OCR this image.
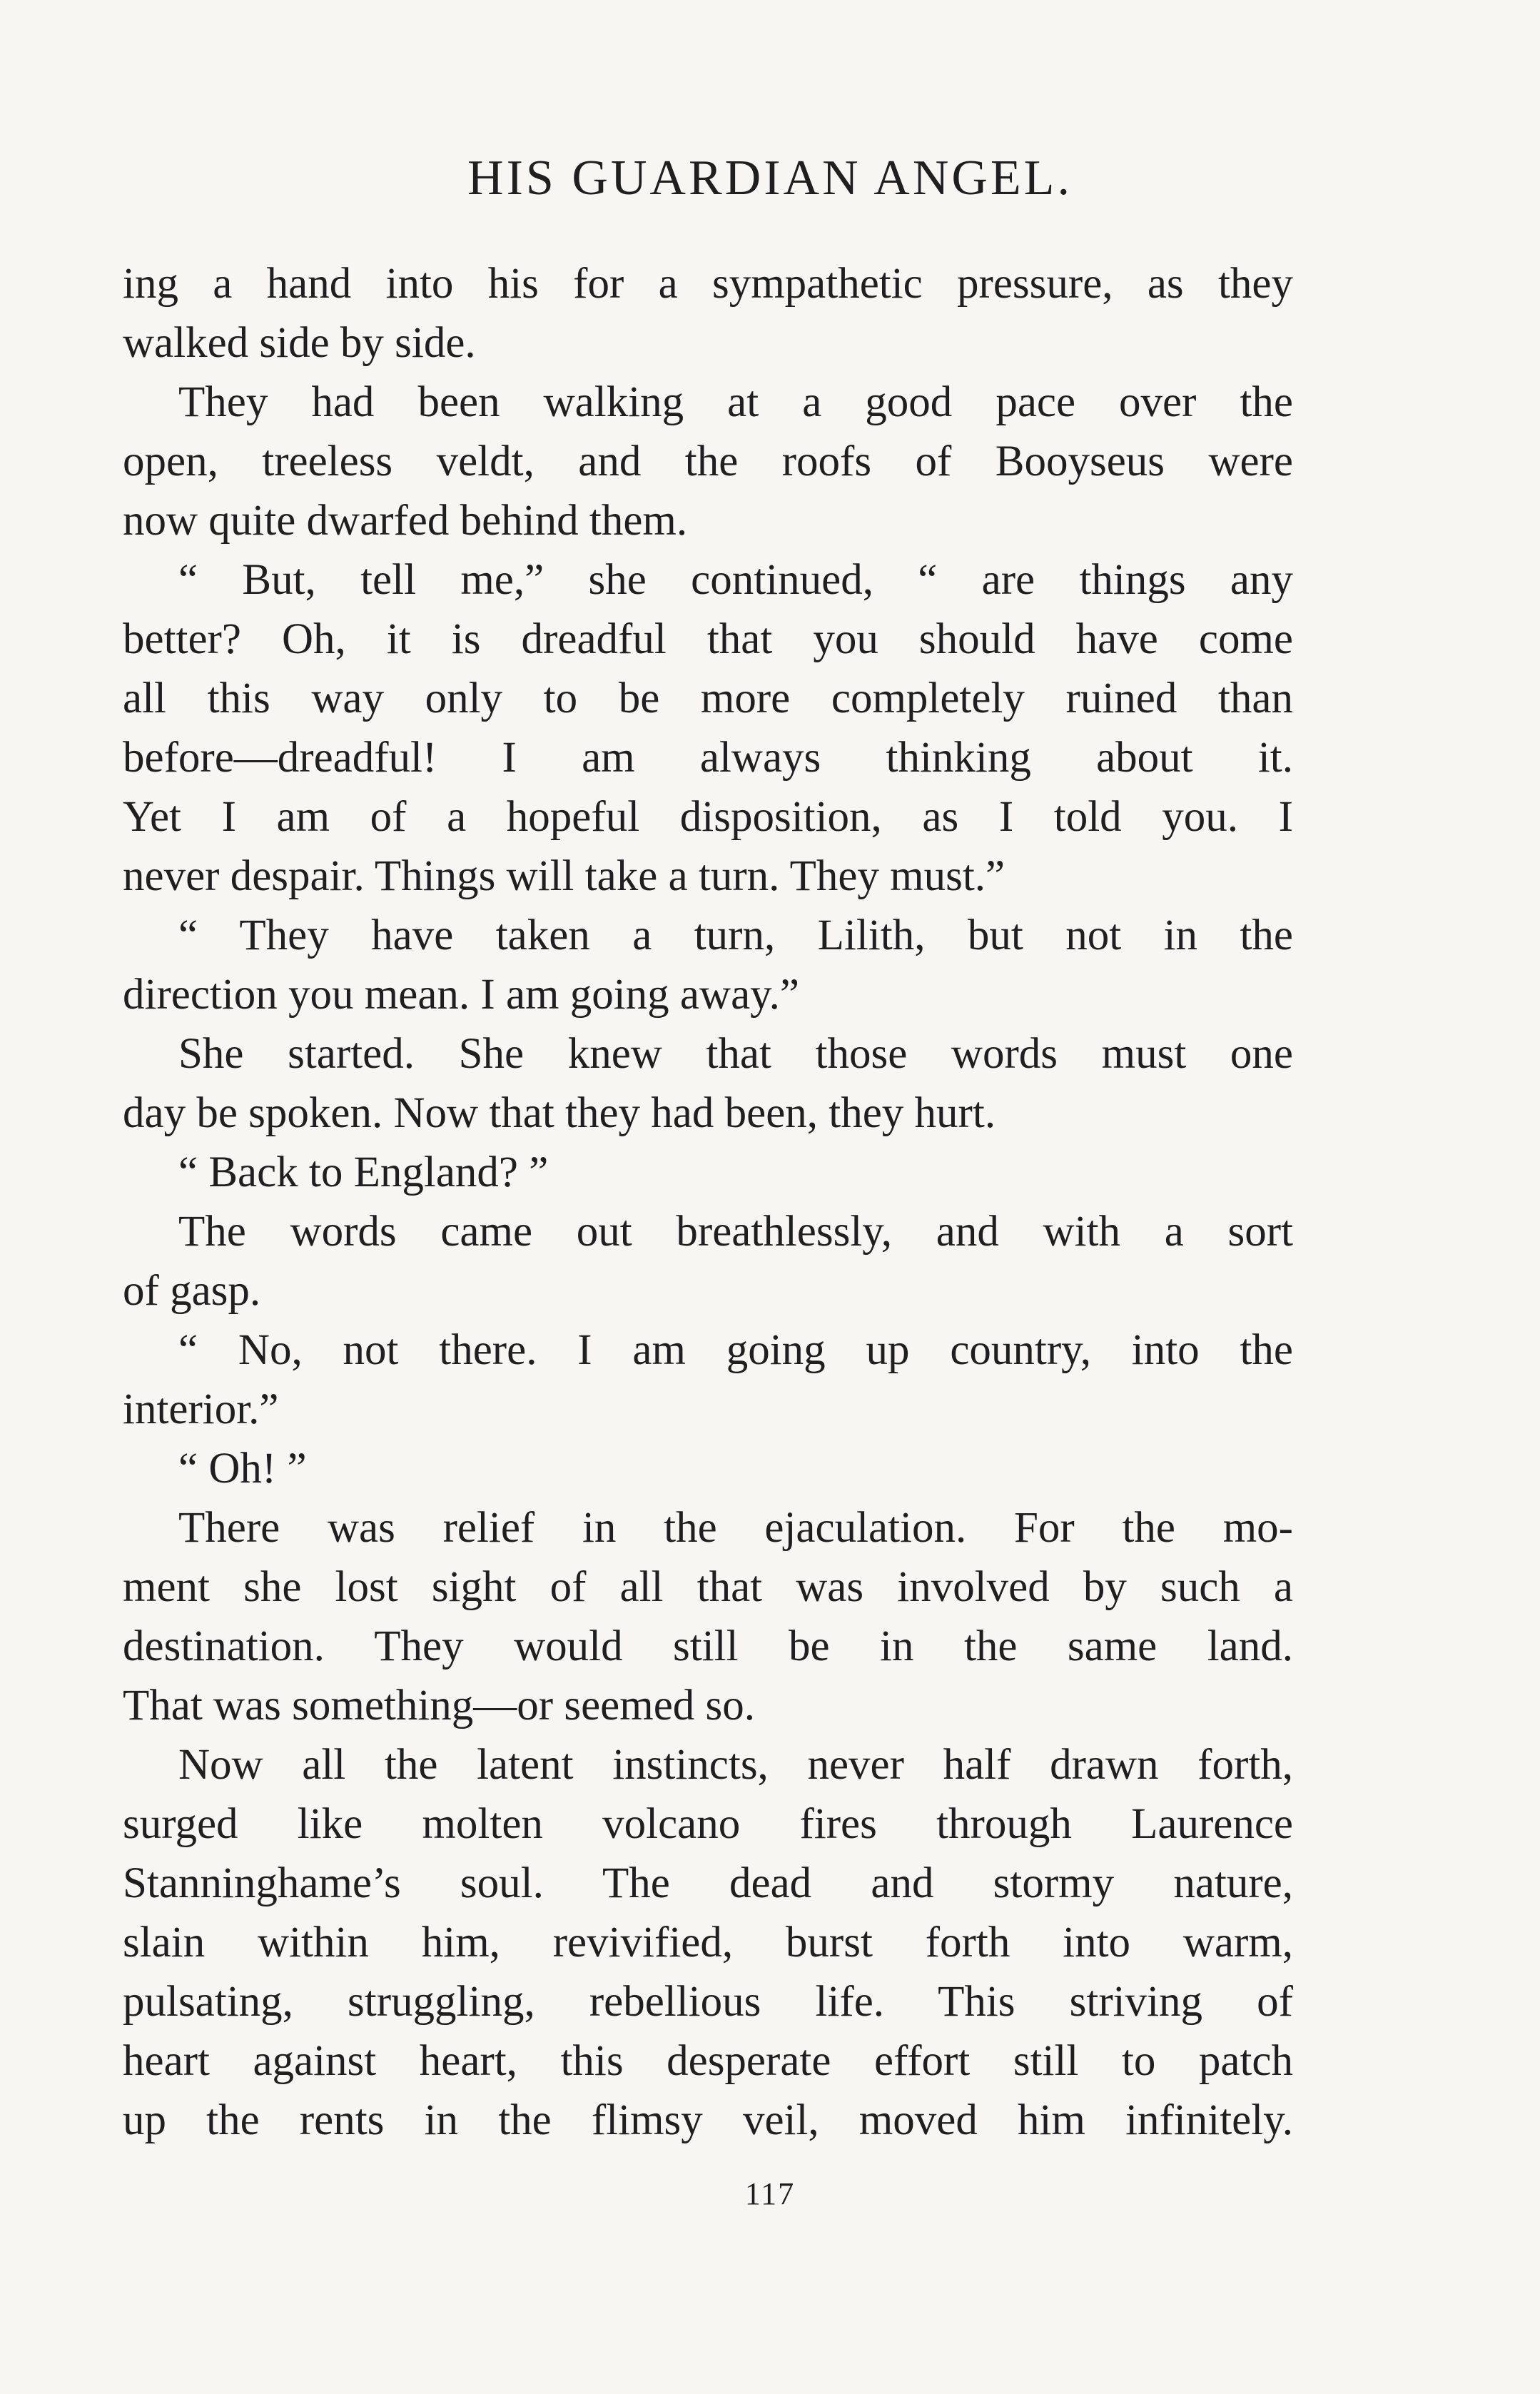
HIS GUARDIAN ANGEL.
ing a hand into his for a sympathetic pressure, as they
walked side by side.
They had been walking at a good pace over the
open, treeless veldt, and the roofs of Booyseus were
now quite dwarfed behind them.
“ But, tell me,” she continued, “ are things any
better? Oh, it is dreadful that you should have come
all this way only to be more completely ruined than
before—dreadful! I am always thinking about it.
Yet I am of a hopeful disposition, as I told you. I
never despair. Things will take a turn. They must.”
“ They have taken a turn, Lilith, but not in the
direction you mean. I am going away.”
She started. She knew that those words must one
day be spoken. Now that they had been, they hurt.
“ Back to England? ”
The words came out breathlessly, and with a sort
of gasp.
“ No, not there. I am going up country, into the
interior.”
“ Oh! ”
There was relief in the ejaculation. For the mo-
ment she lost sight of all that was involved by such a
destination. They would still be in the same land.
That was something—or seemed so.
Now all the latent instincts, never half drawn forth,
surged like molten volcano fires through Laurence
Stanninghame’s soul. The dead and stormy nature,
slain within him, revivified, burst forth into warm,
pulsating, struggling, rebellious life. This striving of
heart against heart, this desperate effort still to patch
up the rents in the flimsy veil, moved him infinitely.
117
